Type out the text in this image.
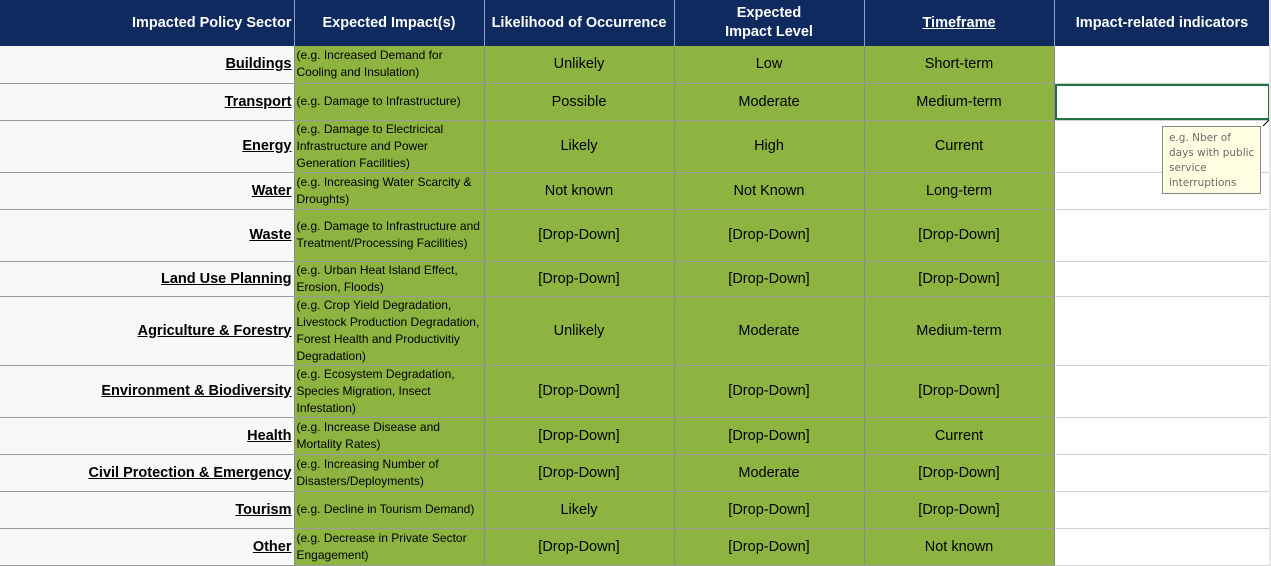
Impacted Policy Sector	Expected Impact(s)	Likelihood of Occurrence	Expected
Impact Level	Timeframe	Impact-related indicators
Buildings	(e.g. Increased Demand for Cooling and Insulation)	Unlikely	Low	Short-term	
Transport	(e.g. Damage to Infrastructure)	Possible	Moderate	Medium-term	
Energy	(e.g. Damage to Electricical Infrastructure and Power Generation Facilities)	Likely	High	Current	
Water	(e.g. Increasing Water Scarcity & Droughts)	Not known	Not Known	Long-term	
Waste	(e.g. Damage to Infrastructure and Treatment/Processing Facilities)	[Drop-Down]	[Drop-Down]	[Drop-Down]	
Land Use Planning	(e.g. Urban Heat Island Effect, Erosion, Floods)	[Drop-Down]	[Drop-Down]	[Drop-Down]	
Agriculture & Forestry	(e.g. Crop Yield Degradation, Livestock Production Degradation, Forest Health and Productivitiy Degradation)	Unlikely	Moderate	Medium-term	
Environment & Biodiversity	(e.g. Ecosystem Degradation, Species Migration, Insect Infestation)	[Drop-Down]	[Drop-Down]	[Drop-Down]	
Health	(e.g. Increase Disease and Mortality Rates)	[Drop-Down]	[Drop-Down]	Current	
Civil Protection & Emergency	(e.g. Increasing Number of Disasters/Deployments)	[Drop-Down]	Moderate	[Drop-Down]	
Tourism	(e.g. Decline in Tourism Demand)	Likely	[Drop-Down]	[Drop-Down]	
Other	(e.g. Decrease in Private Sector Engagement)	[Drop-Down]	[Drop-Down]	Not known	
e.g. Nber of days with public service interruptions
